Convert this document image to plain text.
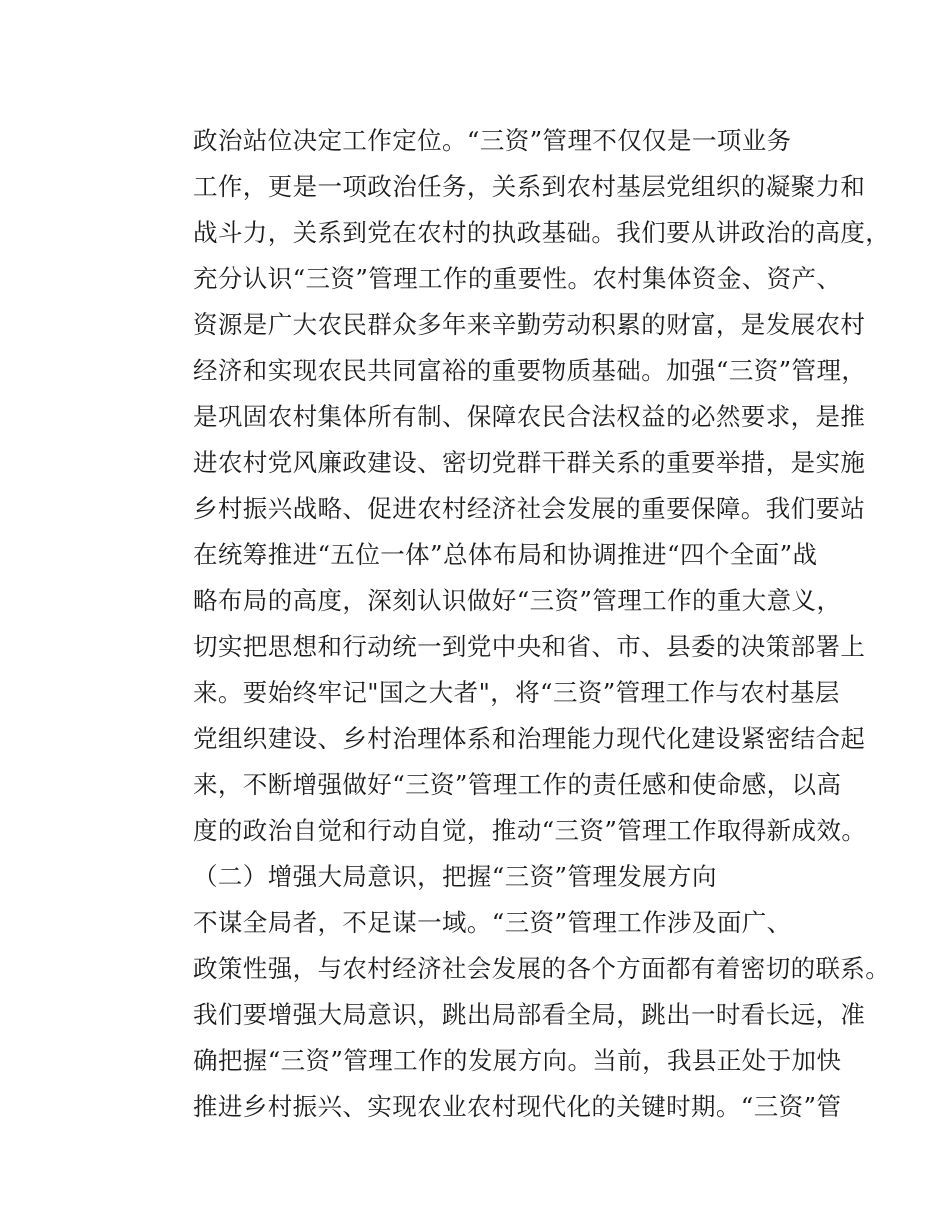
政治站位决定工作定位。“三资”管理不仅仅是一项业务
工作，更是一项政治任务，关系到农村基层党组织的凝聚力和
战斗力，关系到党在农村的执政基础。我们要从讲政治的高度，
充分认识“三资”管理工作的重要性。农村集体资金、资产、
资源是广大农民群众多年来辛勤劳动积累的财富，是发展农村
经济和实现农民共同富裕的重要物质基础。加强“三资”管理，
是巩固农村集体所有制、保障农民合法权益的必然要求，是推
进农村党风廉政建设、密切党群干群关系的重要举措，是实施
乡村振兴战略、促进农村经济社会发展的重要保障。我们要站
在统筹推进“五位一体”总体布局和协调推进“四个全面”战
略布局的高度，深刻认识做好“三资”管理工作的重大意义，
切实把思想和行动统一到党中央和省、市、县委的决策部署上
来。要始终牢记"国之大者"，将“三资”管理工作与农村基层
党组织建设、乡村治理体系和治理能力现代化建设紧密结合起
来，不断增强做好“三资”管理工作的责任感和使命感，以高
度的政治自觉和行动自觉，推动“三资”管理工作取得新成效。

（二）增强大局意识，把握“三资”管理发展方向

不谋全局者，不足谋一域。“三资”管理工作涉及面广、
政策性强，与农村经济社会发展的各个方面都有着密切的联系。
我们要增强大局意识，跳出局部看全局，跳出一时看长远，准
确把握“三资”管理工作的发展方向。当前，我县正处于加快
推进乡村振兴、实现农业农村现代化的关键时期。“三资”管
